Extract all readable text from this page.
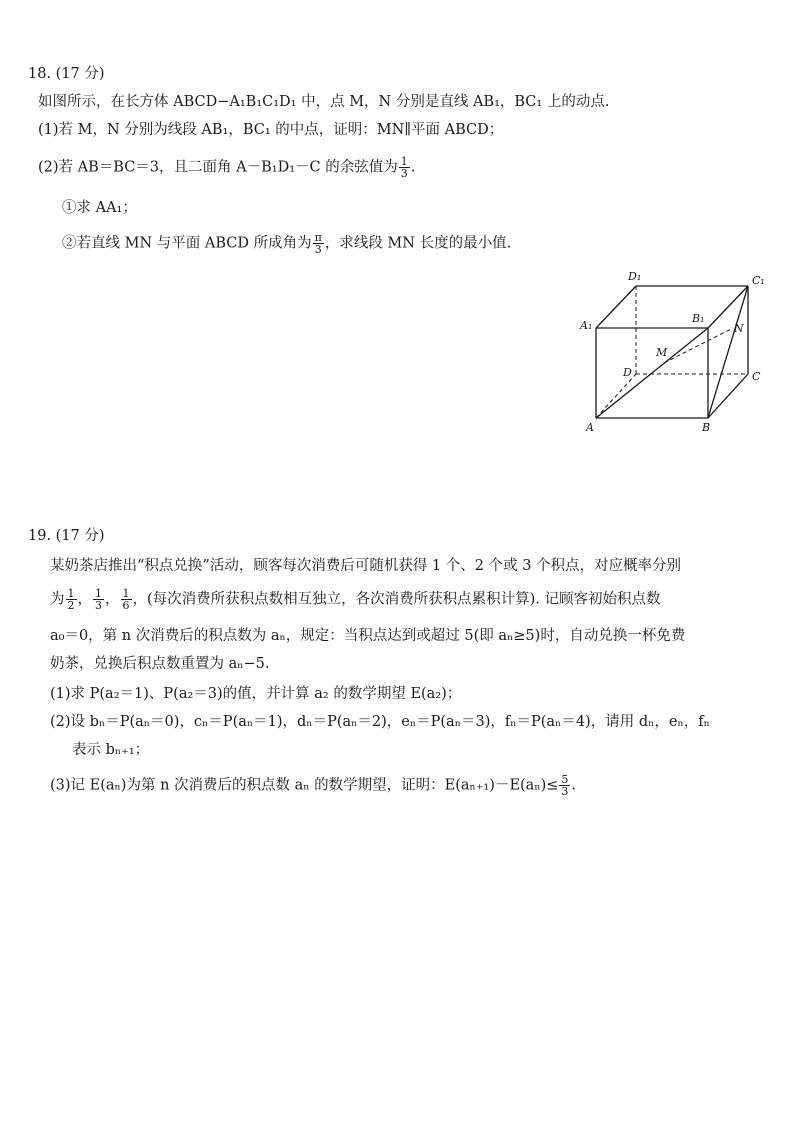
18. (17 分)
如图所示，在长方体 ABCD−A₁B₁C₁D₁ 中，点 M，N 分别是直线 AB₁，BC₁ 上的动点.
(1)若 M，N 分别为线段 AB₁，BC₁ 的中点，证明：MN∥平面 ABCD；
(2)若 AB＝BC＝3，且二面角 A－B₁D₁－C 的余弦值为 $\frac{1}{3}$ .
①求 AA₁；
②若直线 MN 与平面 ABCD 所成角为 $\frac{\pi}{3}$ ，求线段 MN 长度的最小值.
A₁
B₁
C₁
D₁
A	B
C
D
M
N
19. (17 分)
某奶茶店推出“积点兑换”活动，顾客每次消费后可随机获得 1 个、2 个或 3 个积点，对应概率分别
为 $\frac{1}{2}$ ， $\frac{1}{3}$ ， $\frac{1}{6}$ ，(每次消费所获积点数相互独立，各次消费所获积点累积计算). 记顾客初始积点数
a₀＝0，第 n 次消费后的积点数为 aₙ，规定：当积点达到或超过 5(即 aₙ≥5)时，自动兑换一杯免费
奶茶，兑换后积点数重置为 aₙ−5.
(1)求 P(a₂＝1)、P(a₂＝3)的值，并计算 a₂ 的数学期望 E(a₂)；
(2)设 bₙ＝P(aₙ＝0)，cₙ＝P(aₙ＝1)，dₙ＝P(aₙ＝2)，eₙ＝P(aₙ＝3)，fₙ＝P(aₙ＝4)，请用 dₙ，eₙ，fₙ
表示 bₙ₊₁；
(3)记 E(aₙ)为第 n 次消费后的积点数 aₙ 的数学期望，证明：$E(a_{n+1})-E(a_n)\le \frac{5}{3}$ .
